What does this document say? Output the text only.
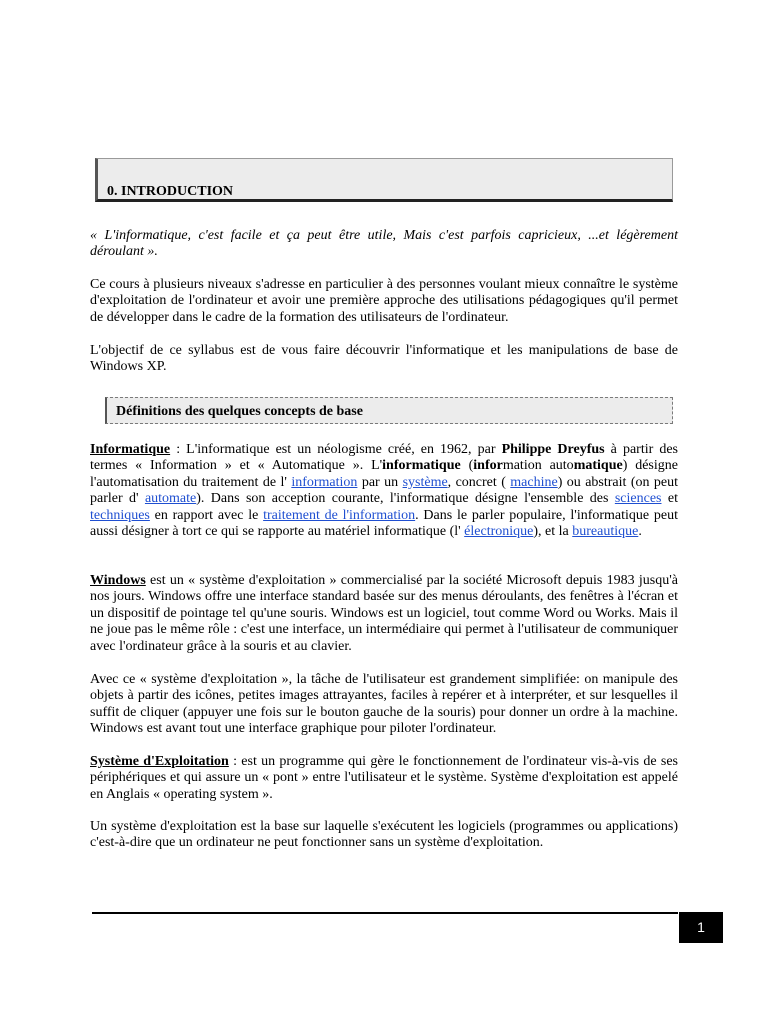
0. INTRODUCTION

« L'informatique, c'est facile et ça peut être utile, Mais c'est parfois capricieux, ...et légèrement déroulant ».

Ce cours à plusieurs niveaux s'adresse en particulier à des personnes voulant mieux connaître le système d'exploitation de l'ordinateur et avoir une première approche des utilisations pédagogiques qu'il permet de développer dans le cadre de la formation des utilisateurs de l'ordinateur.

L'objectif de ce syllabus est de vous faire découvrir l'informatique et les manipulations de base de Windows XP.

Définitions des quelques concepts de base

Informatique : L'informatique est un néologisme créé, en 1962, par Philippe Dreyfus à partir des termes « Information » et « Automatique ». L'informatique (information automatique) désigne l'automatisation du traitement de l' information par un système, concret ( machine) ou abstrait (on peut parler d' automate). Dans son acception courante, l'informatique désigne l'ensemble des sciences et techniques en rapport avec le traitement de l'information. Dans le parler populaire, l'informatique peut aussi désigner à tort ce qui se rapporte au matériel informatique (l' électronique), et la bureautique.

Windows est un « système d'exploitation » commercialisé par la société Microsoft depuis 1983 jusqu'à nos jours. Windows offre une interface standard basée sur des menus déroulants, des fenêtres à l'écran et un dispositif de pointage tel qu'une souris. Windows est un logiciel, tout comme Word ou Works. Mais il ne joue pas le même rôle : c'est une interface, un intermédiaire qui permet à l'utilisateur de communiquer avec l'ordinateur grâce à la souris et au clavier.

Avec ce « système d'exploitation », la tâche de l'utilisateur est grandement simplifiée: on manipule des objets à partir des icônes, petites images attrayantes, faciles à repérer et à interpréter, et sur lesquelles il suffit de cliquer (appuyer une fois sur le bouton gauche de la souris) pour donner un ordre à la machine. Windows est avant tout une interface graphique pour piloter l'ordinateur.

Système d'Exploitation : est un programme qui gère le fonctionnement de l'ordinateur vis-à-vis de ses périphériques et qui assure un « pont » entre l'utilisateur et le système. Système d'exploitation est appelé en Anglais « operating system ».

Un système d'exploitation est la base sur laquelle s'exécutent les logiciels (programmes ou applications) c'est-à-dire que un ordinateur ne peut fonctionner sans un système d'exploitation.

1
